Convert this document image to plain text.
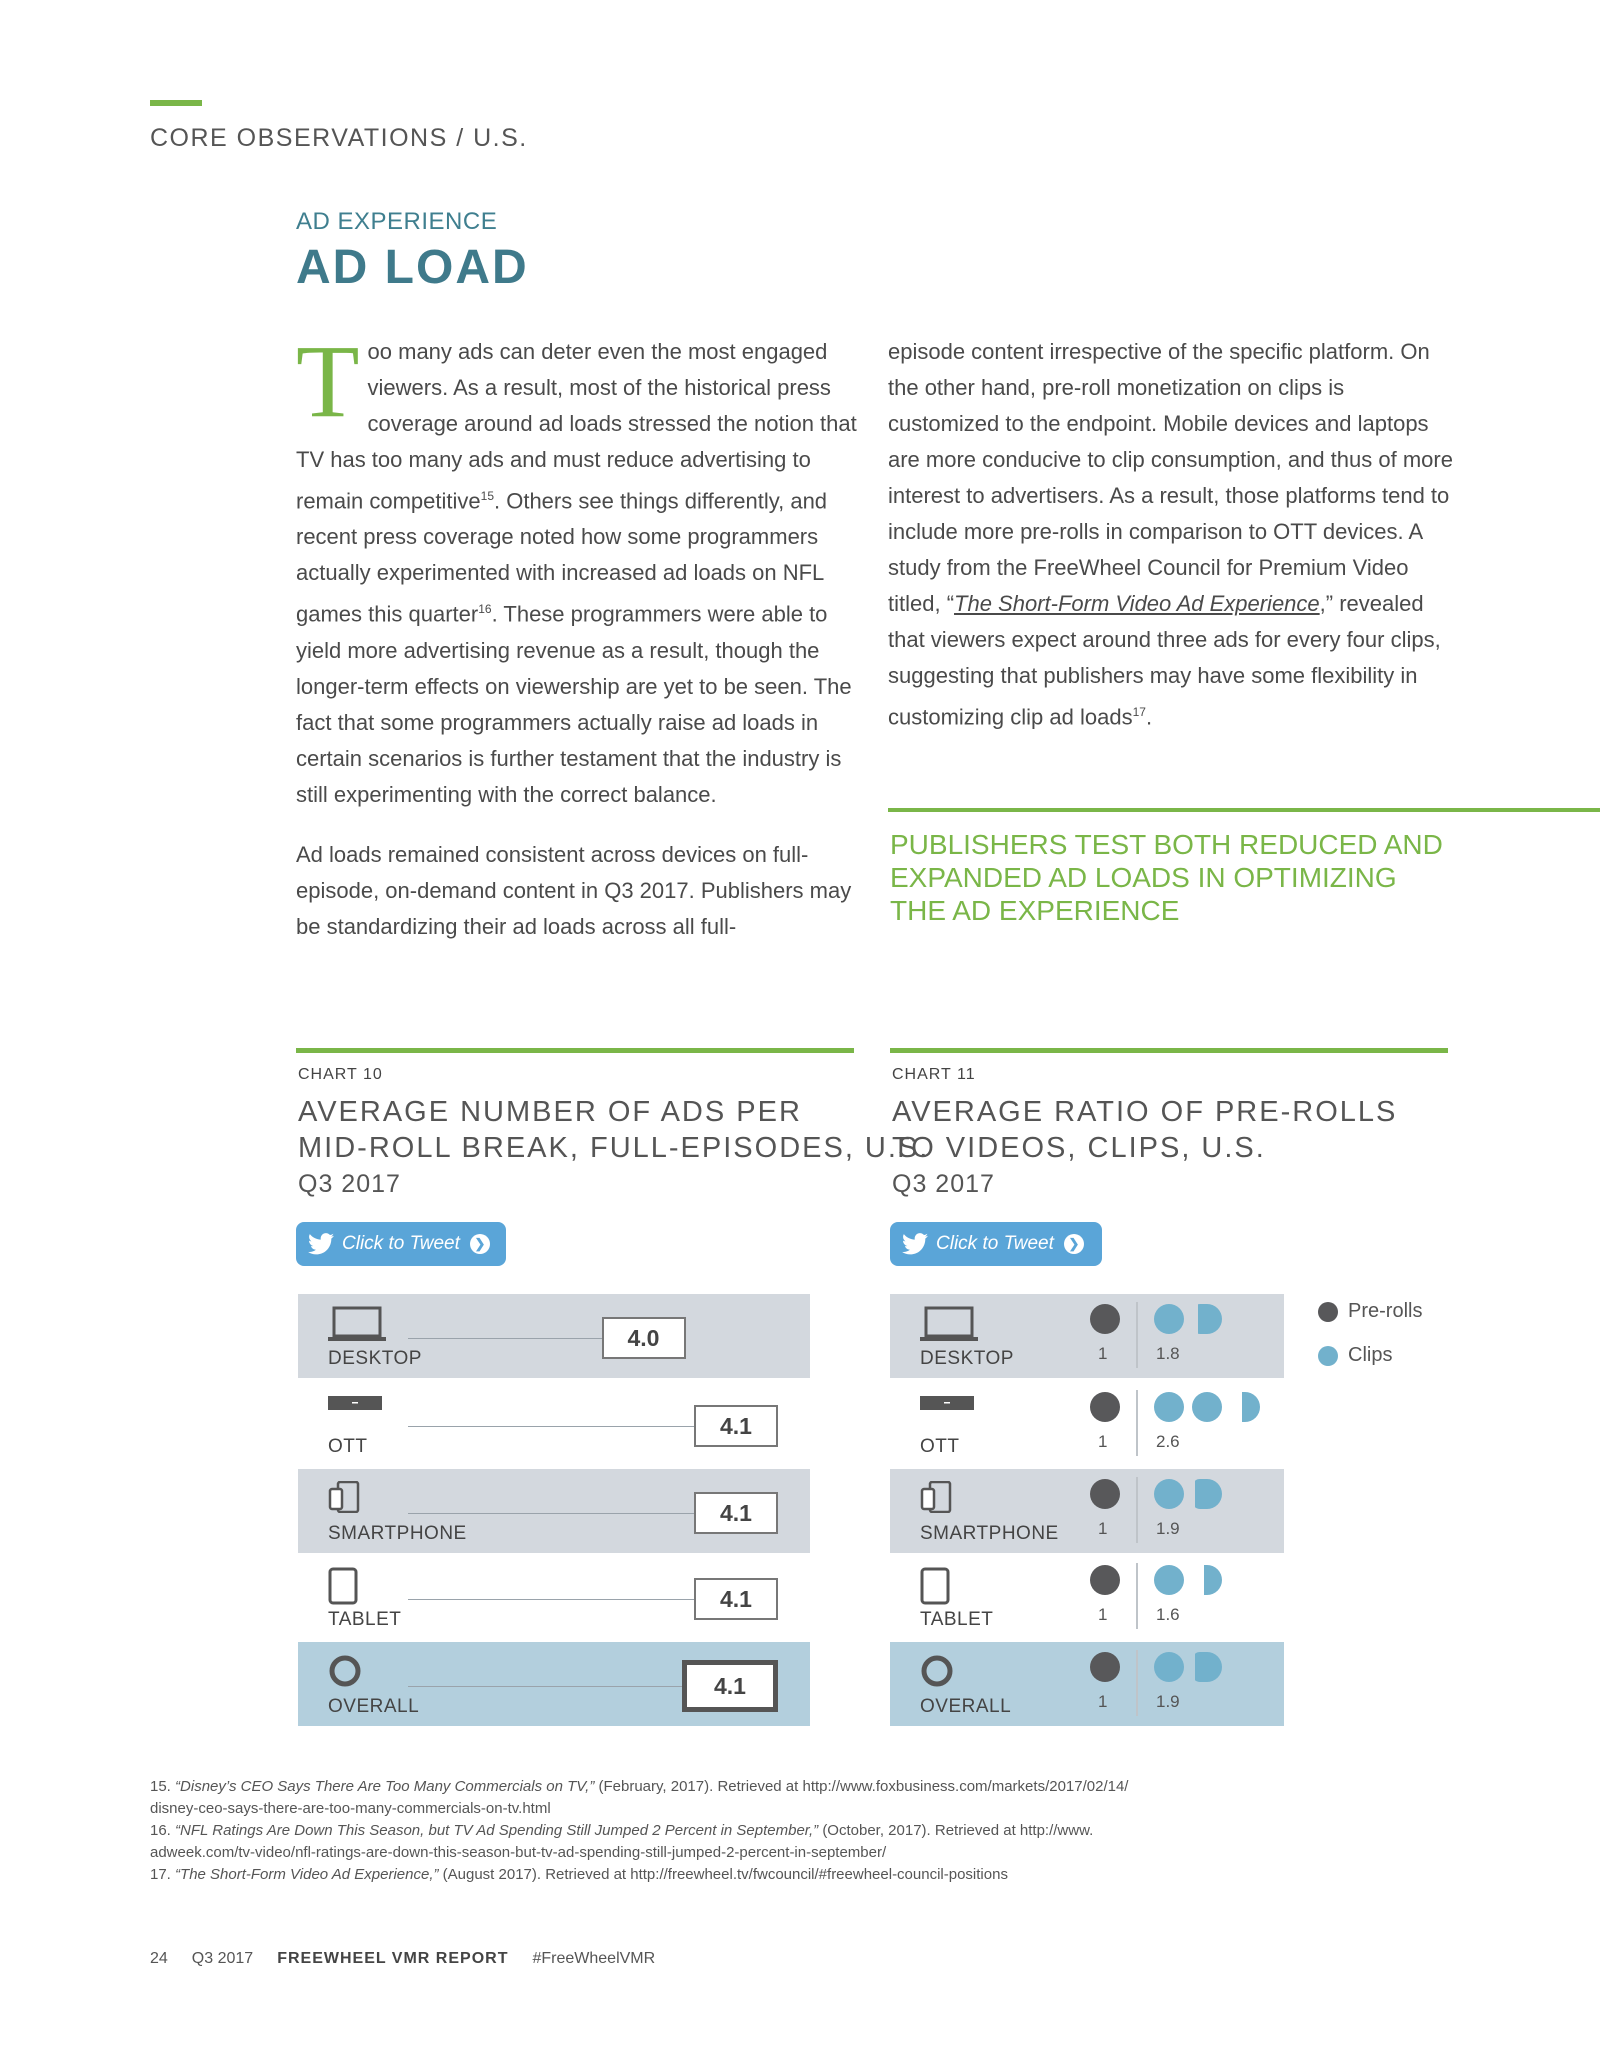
CORE OBSERVATIONS / U.S.
AD EXPERIENCE
AD LOAD

Too many ads can deter even the most engaged viewers. As a result, most of the historical press coverage around ad loads stressed the notion that TV has too many ads and must reduce advertising to remain competitive$^{15}$. Others see things differently, and recent press coverage noted how some programmers actually experimented with increased ad loads on NFL games this quarter$^{16}$. These programmers were able to yield more advertising revenue as a result, though the longer-term effects on viewership are yet to be seen. The fact that some programmers actually raise ad loads in certain scenarios is further testament that the industry is still experimenting with the correct balance.

Ad loads remained consistent across devices on full-episode, on-demand content in Q3 2017. Publishers may be standardizing their ad loads across all full-

episode content irrespective of the specific platform. On the other hand, pre-roll monetization on clips is customized to the endpoint. Mobile devices and laptops are more conducive to clip consumption, and thus of more interest to advertisers. As a result, those platforms tend to include more pre-rolls in comparison to OTT devices. A study from the FreeWheel Council for Premium Video titled, “The Short-Form Video Ad Experience,” revealed that viewers expect around three ads for every four clips, suggesting that publishers may have some flexibility in customizing clip ad loads$^{17}$.

PUBLISHERS TEST BOTH REDUCED AND EXPANDED AD LOADS IN OPTIMIZING THE AD EXPERIENCE
CHART 10
AVERAGE NUMBER OF ADS PER
MID-ROLL BREAK, FULL-EPISODES, U.S.
Q3 2017
Click to Tweet	❯
DESKTOP
4.0
OTT
4.1
SMARTPHONE
4.1
TABLET
4.1
OVERALL
4.1
CHART 11
AVERAGE RATIO OF PRE-ROLLS
TO VIDEOS, CLIPS, U.S.
Q3 2017
Click to Tweet	❯
DESKTOP	1	1.8
OTT	1	2.6
SMARTPHONE 1	1.9
TABLET	1	1.6
OVERALL	1	1.9
Pre-rolls
Clips
15. “Disney’s CEO Says There Are Too Many Commercials on TV,” (February, 2017). Retrieved at http://www.foxbusiness.com/markets/2017/02/14/
disney-ceo-says-there-are-too-many-commercials-on-tv.html
16. “NFL Ratings Are Down This Season, but TV Ad Spending Still Jumped 2 Percent in September,” (October, 2017). Retrieved at http://www.
adweek.com/tv-video/nfl-ratings-are-down-this-season-but-tv-ad-spending-still-jumped-2-percent-in-september/
17. “The Short-Form Video Ad Experience,” (August 2017). Retrieved at http://freewheel.tv/fwcouncil/#freewheel-council-positions
24 Q3 2017 FREEWHEEL VMR REPORT #FreeWheelVMR
